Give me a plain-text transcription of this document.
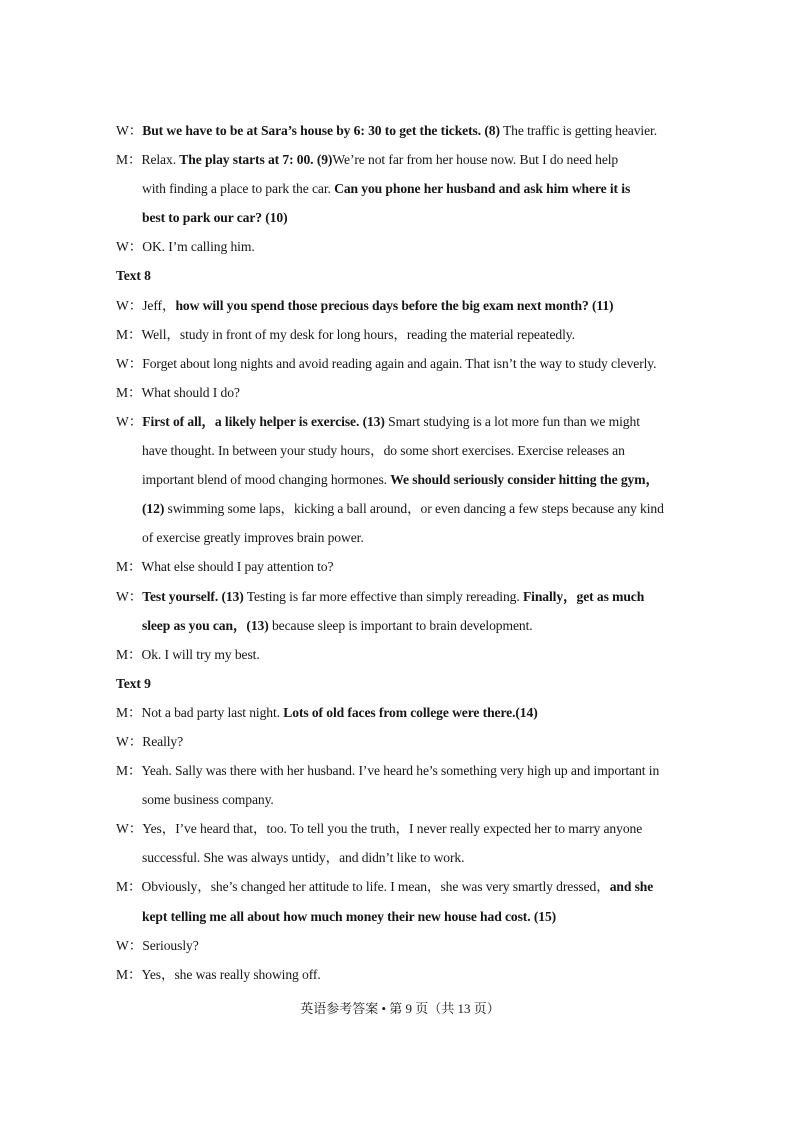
W：But we have to be at Sara’s house by 6: 30 to get the tickets. (8) The traffic is getting heavier.
M：Relax. The play starts at 7: 00. (9)We’re not far from her house now. But I do need help
with finding a place to park the car. Can you phone her husband and ask him where it is
best to park our car? (10)
W：OK. I’m calling him.
Text 8
W：Jeff，how will you spend those precious days before the big exam next month? (11)
M：Well，study in front of my desk for long hours，reading the material repeatedly.
W：Forget about long nights and avoid reading again and again. That isn’t the way to study cleverly.
M：What should I do?
W：First of all，a likely helper is exercise. (13) Smart studying is a lot more fun than we might
have thought. In between your study hours，do some short exercises. Exercise releases an
important blend of mood changing hormones. We should seriously consider hitting the gym，
(12) swimming some laps，kicking a ball around，or even dancing a few steps because any kind
of exercise greatly improves brain power.
M：What else should I pay attention to?
W：Test yourself. (13) Testing is far more effective than simply rereading. Finally，get as much
sleep as you can，(13) because sleep is important to brain development.
M：Ok. I will try my best.
Text 9
M：Not a bad party last night. Lots of old faces from college were there.(14)
W：Really?
M：Yeah. Sally was there with her husband. I’ve heard he’s something very high up and important in
some business company.
W：Yes，I’ve heard that，too. To tell you the truth，I never really expected her to marry anyone
successful. She was always untidy，and didn’t like to work.
M：Obviously，she’s changed her attitude to life. I mean，she was very smartly dressed，and she
kept telling me all about how much money their new house had cost. (15)
W：Seriously?
M：Yes，she was really showing off.
英语参考答案 • 第 9 页（共 13 页）
